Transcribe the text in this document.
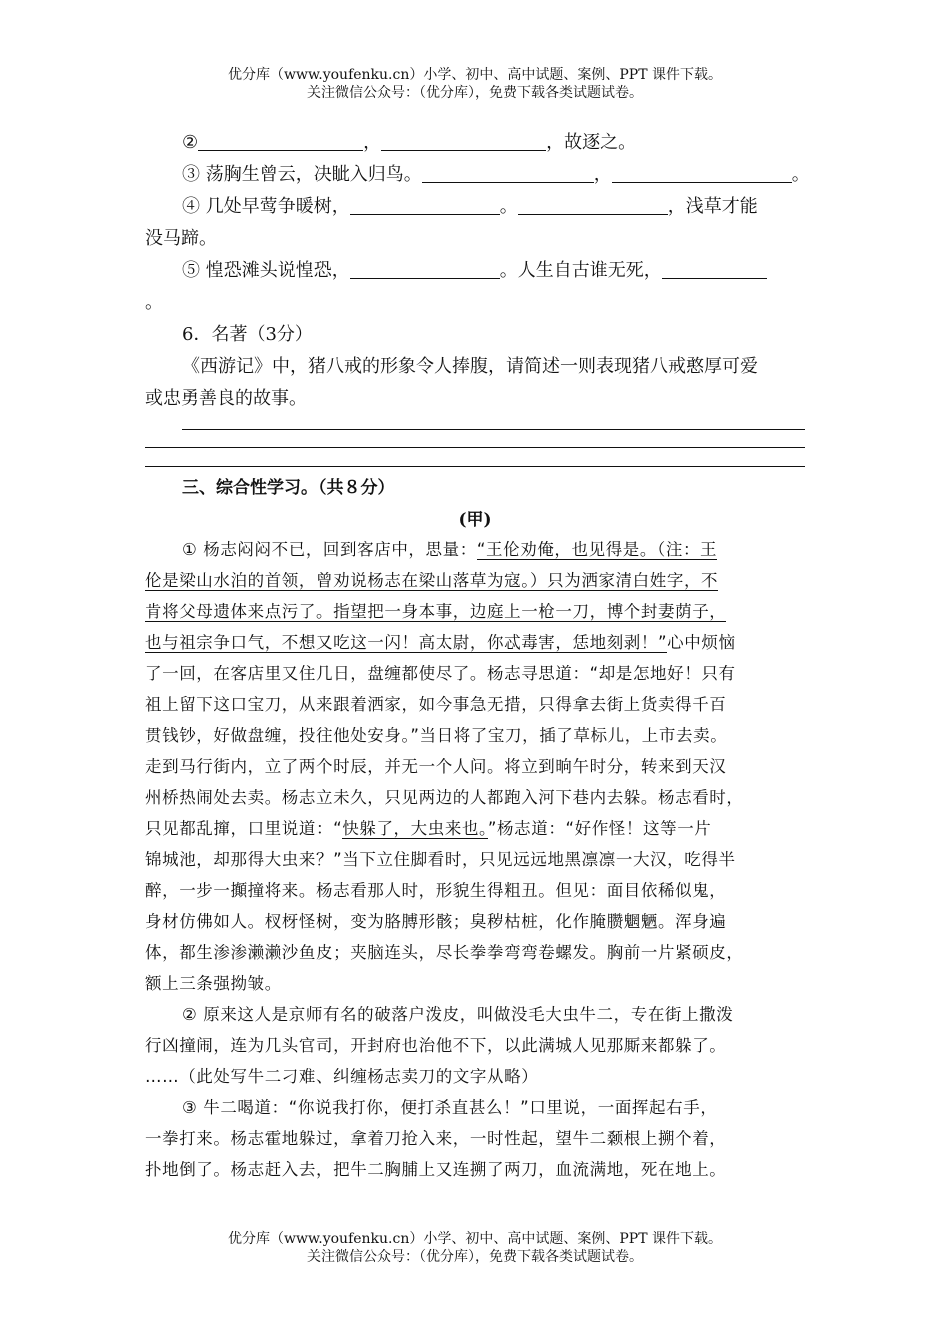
优分库（www.youfenku.cn）小学、初中、高中试题、案例、PPT 课件下载。
关注微信公众号：（优分库），免费下载各类试题试卷。
②	，	，故逐之。
③ 荡胸生曾云，决眦入归鸟。	，	。
④ 几处早莺争暖树，	。	，浅草才能
没马蹄。
⑤ 惶恐滩头说惶恐，	。人生自古谁无死，
。
6．名著（3分）
《西游记》中，猪八戒的形象令人捧腹，请简述一则表现猪八戒憨厚可爱
或忠勇善良的故事。
三、综合性学习。（共８分）
(甲)
① 杨志闷闷不已，回到客店中，思量：“王伦劝俺，也见得是。（注：王
伦是梁山水泊的首领，曾劝说杨志在梁山落草为寇。）只为洒家清白姓字，不
肯将父母遗体来点污了。指望把一身本事，边庭上一枪一刀，博个封妻荫子，
也与祖宗争口气，不想又吃这一闪！高太尉，你忒毒害，恁地刻剥！”心中烦恼
了一回，在客店里又住几日，盘缠都使尽了。杨志寻思道：“却是怎地好！只有
祖上留下这口宝刀，从来跟着洒家，如今事急无措，只得拿去街上货卖得千百
贯钱钞，好做盘缠，投往他处安身。”当日将了宝刀，插了草标儿，上市去卖。
走到马行街内，立了两个时辰，并无一个人问。将立到晌午时分，转来到天汉
州桥热闹处去卖。杨志立未久，只见两边的人都跑入河下巷内去躲。杨志看时，
只见都乱撺，口里说道：“快躲了，大虫来也。”杨志道：“好作怪！这等一片
锦城池，却那得大虫来？”当下立住脚看时，只见远远地黑凛凛一大汉，吃得半
醉，一步一攧撞将来。杨志看那人时，形貌生得粗丑。但见：面目依稀似鬼，
身材仿佛如人。杈枒怪树，变为胳膊形骸；臭秽枯桩，化作腌臜魍魉。浑身遍
体，都生渗渗濑濑沙鱼皮；夹脑连头，尽长拳拳弯弯卷螺发。胸前一片紧硕皮，
额上三条强拗皱。
② 原来这人是京师有名的破落户泼皮，叫做没毛大虫牛二，专在街上撒泼
行凶撞闹，连为几头官司，开封府也治他不下，以此满城人见那厮来都躲了。
……（此处写牛二刁难、纠缠杨志卖刀的文字从略）
③ 牛二喝道：“你说我打你，便打杀直甚么！”口里说，一面挥起右手，
一拳打来。杨志霍地躲过，拿着刀抢入来，一时性起，望牛二颡根上搠个着，
扑地倒了。杨志赶入去，把牛二胸脯上又连搠了两刀，血流满地，死在地上。
优分库（www.youfenku.cn）小学、初中、高中试题、案例、PPT 课件下载。
关注微信公众号：（优分库），免费下载各类试题试卷。
